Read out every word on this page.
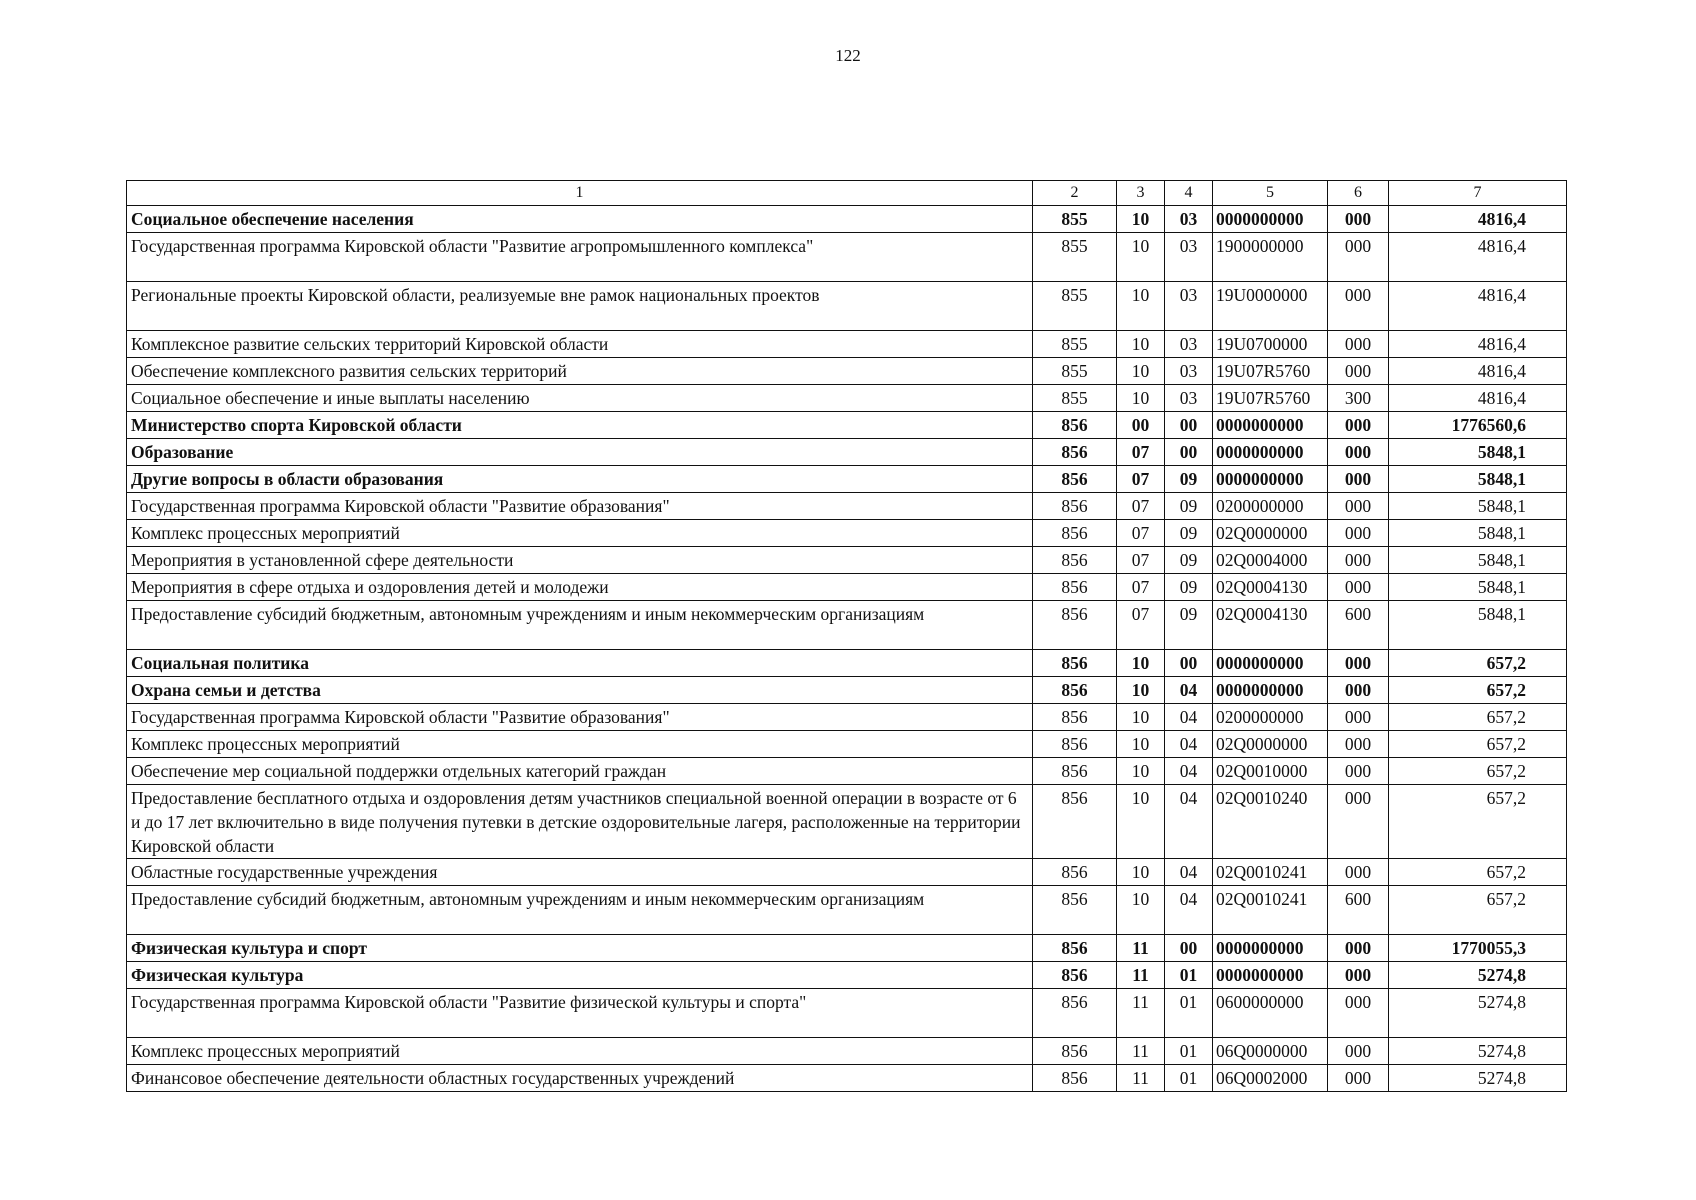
122
1	2	3	4	5	6	7
Социальное обеспечение населения	855	10	03	0000000000	000	4816,4
Государственная программа Кировской области "Развитие агропромышленного комплекса"	855	10	03	1900000000	000	4816,4
Региональные проекты Кировской области, реализуемые вне рамок национальных проектов	855	10	03	19U0000000	000	4816,4
Комплексное развитие сельских территорий Кировской области	855	10	03	19U0700000	000	4816,4
Обеспечение комплексного развития сельских территорий	855	10	03	19U07R5760	000	4816,4
Социальное обеспечение и иные выплаты населению	855	10	03	19U07R5760	300	4816,4
Министерство спорта Кировской области	856	00	00	0000000000	000	1776560,6
Образование	856	07	00	0000000000	000	5848,1
Другие вопросы в области образования	856	07	09	0000000000	000	5848,1
Государственная программа Кировской области "Развитие образования"	856	07	09	0200000000	000	5848,1
Комплекс процессных мероприятий	856	07	09	02Q0000000	000	5848,1
Мероприятия в установленной сфере деятельности	856	07	09	02Q0004000	000	5848,1
Мероприятия в сфере отдыха и оздоровления детей и молодежи	856	07	09	02Q0004130	000	5848,1
Предоставление субсидий бюджетным, автономным учреждениям и иным некоммерческим организациям	856	07	09	02Q0004130	600	5848,1
Социальная политика	856	10	00	0000000000	000	657,2
Охрана семьи и детства	856	10	04	0000000000	000	657,2
Государственная программа Кировской области "Развитие образования"	856	10	04	0200000000	000	657,2
Комплекс процессных мероприятий	856	10	04	02Q0000000	000	657,2
Обеспечение мер социальной поддержки отдельных категорий граждан	856	10	04	02Q0010000	000	657,2
Предоставление бесплатного отдыха и оздоровления детям участников специальной военной операции в возрасте от 6 и до 17 лет включительно в виде получения путевки в детские оздоровительные лагеря, расположенные на территории Кировской области	856	10	04	02Q0010240	000	657,2
Областные государственные учреждения	856	10	04	02Q0010241	000	657,2
Предоставление субсидий бюджетным, автономным учреждениям и иным некоммерческим организациям	856	10	04	02Q0010241	600	657,2
Физическая культура и спорт	856	11	00	0000000000	000	1770055,3
Физическая культура	856	11	01	0000000000	000	5274,8
Государственная программа Кировской области "Развитие физической культуры и спорта"	856	11	01	0600000000	000	5274,8
Комплекс процессных мероприятий	856	11	01	06Q0000000	000	5274,8
Финансовое обеспечение деятельности областных государственных учреждений	856	11	01	06Q0002000	000	5274,8
